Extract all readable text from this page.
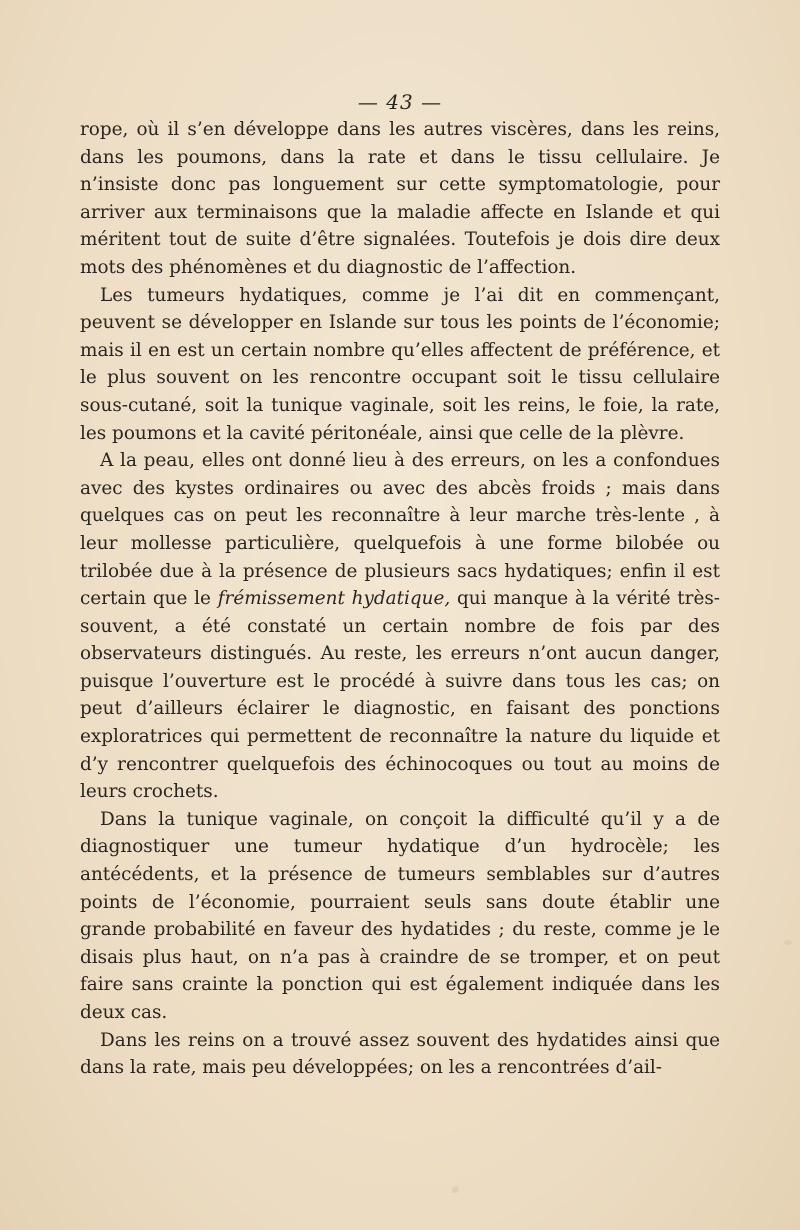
— 43 —

rope, où il s’en développe dans les autres viscères, dans les reins, dans les poumons, dans la rate et dans le tissu cellulaire. Je n’insiste donc pas longuement sur cette symptomatologie, pour arriver aux terminaisons que la maladie affecte en Islande et qui méritent tout de suite d’être signalées. Toutefois je dois dire deux mots des phénomènes et du diagnostic de l’affection.

Les tumeurs hydatiques, comme je l’ai dit en commençant, peuvent se développer en Islande sur tous les points de l’économie; mais il en est un certain nombre qu’elles affectent de préférence, et le plus souvent on les rencontre occupant soit le tissu cellulaire sous-cutané, soit la tunique vaginale, soit les reins, le foie, la rate, les poumons et la cavité péritonéale, ainsi que celle de la plèvre.

A la peau, elles ont donné lieu à des erreurs, on les a confondues avec des kystes ordinaires ou avec des abcès froids ; mais dans quelques cas on peut les reconnaître à leur marche très-lente , à leur mollesse particulière, quelquefois à une forme bilobée ou trilobée due à la présence de plusieurs sacs hydatiques; enfin il est certain que le frémissement hydatique, qui manque à la vérité très-souvent, a été constaté un certain nombre de fois par des observateurs distingués. Au reste, les erreurs n’ont aucun danger, puisque l’ouverture est le procédé à suivre dans tous les cas; on peut d’ailleurs éclairer le diagnostic, en faisant des ponctions exploratrices qui permettent de reconnaître la nature du liquide et d’y rencontrer quelquefois des échinocoques ou tout au moins de leurs crochets.

Dans la tunique vaginale, on conçoit la difficulté qu’il y a de diagnostiquer une tumeur hydatique d’un hydrocèle; les antécédents, et la présence de tumeurs semblables sur d’autres points de l’économie, pourraient seuls sans doute établir une grande probabilité en faveur des hydatides ; du reste, comme je le disais plus haut, on n’a pas à craindre de se tromper, et on peut faire sans crainte la ponction qui est également indiquée dans les deux cas.

Dans les reins on a trouvé assez souvent des hydatides ainsi que dans la rate, mais peu développées; on les a rencontrées d’ail-
